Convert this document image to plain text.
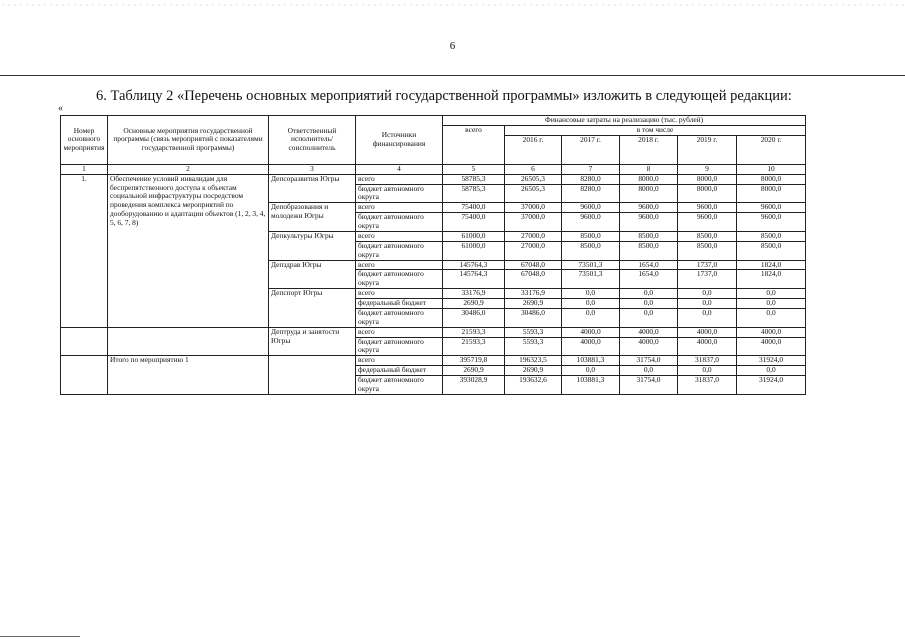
6
6. Таблицу 2 «Перечень основных мероприятий государственной программы» изложить в следующей редакции:
«
Номер основного мероприятия	Основные мероприятия государственной программы (связь мероприятий с показателями государственной программы)	Ответственный исполнитель/ соисполнитель	Источники финансирования	Финансовые затраты на реализацию (тыс. рублей)					
				всего	в том числе				
					2016 г.	2017 г.	2018 г.	2019 г.	2020 г.
1	2	3	4	5	6	7	8	9	10
1.	Обеспечение условий инвалидам для беспрепятственного доступа к объектам социальной инфраструктуры посредством проведения комплекса мероприятий по дооборудованию и адаптации объектов (1, 2, 3, 4, 5, 6, 7, 8)	Депсоразвития Югры	всего	58785,3	26505,3	8280,0	8000,0	8000,0	8000,0
			бюджет автономного округа	58785,3	26505,3	8280,0	8000,0	8000,0	8000,0
		Депобразования и молодежи Югры	всего	75400,0	37000,0	9600,0	9600,0	9600,0	9600,0
			бюджет автономного округа	75400,0	37000,0	9600,0	9600,0	9600,0	9600,0
		Депкультуры Югры	всего	61000,0	27000,0	8500,0	8500,0	8500,0	8500,0
			бюджет автономного округа	61000,0	27000,0	8500,0	8500,0	8500,0	8500,0
		Депздрав Югры	всего	145764,3	67048,0	73501,3	1654,0	1737,0	1824,0
			бюджет автономного округа	145764,3	67048,0	73501,3	1654,0	1737,0	1824,0
		Депспорт Югры	всего	33176,9	33176,9	0,0	0,0	0,0	0,0
			федеральный бюджет	2690,9	2690,9	0,0	0,0	0,0	0,0
			бюджет автономного округа	30486,0	30486,0	0,0	0,0	0,0	0,0
		Дептруда и занятости Югры	всего	21593,3	5593,3	4000,0	4000,0	4000,0	4000,0
			бюджет автономного округа	21593,3	5593,3	4000,0	4000,0	4000,0	4000,0
	Итого по мероприятию 1		всего	395719,8	196323,5	103881,3	31754,0	31837,0	31924,0
			федеральный бюджет	2690,9	2690,9	0,0	0,0	0,0	0,0
			бюджет автономного округа	393028,9	193632,6	103881,3	31754,0	31837,0	31924,0
